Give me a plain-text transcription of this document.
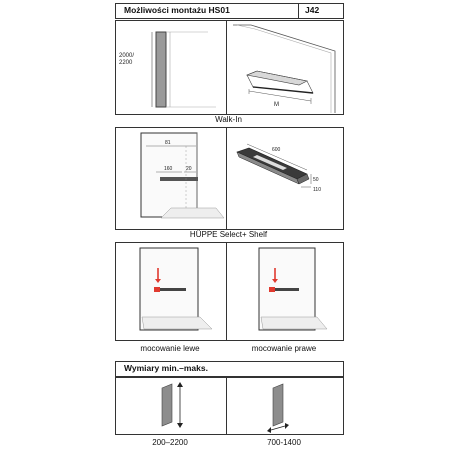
Możliwości montażu HS01	J42
2000/
2200
M
Walk-In
81
160	20
600
50
110
HÜPPE Select+ Shelf
mocowanie lewe	mocowanie prawe
Wymiary min.–maks.
200–2200	700-1400
